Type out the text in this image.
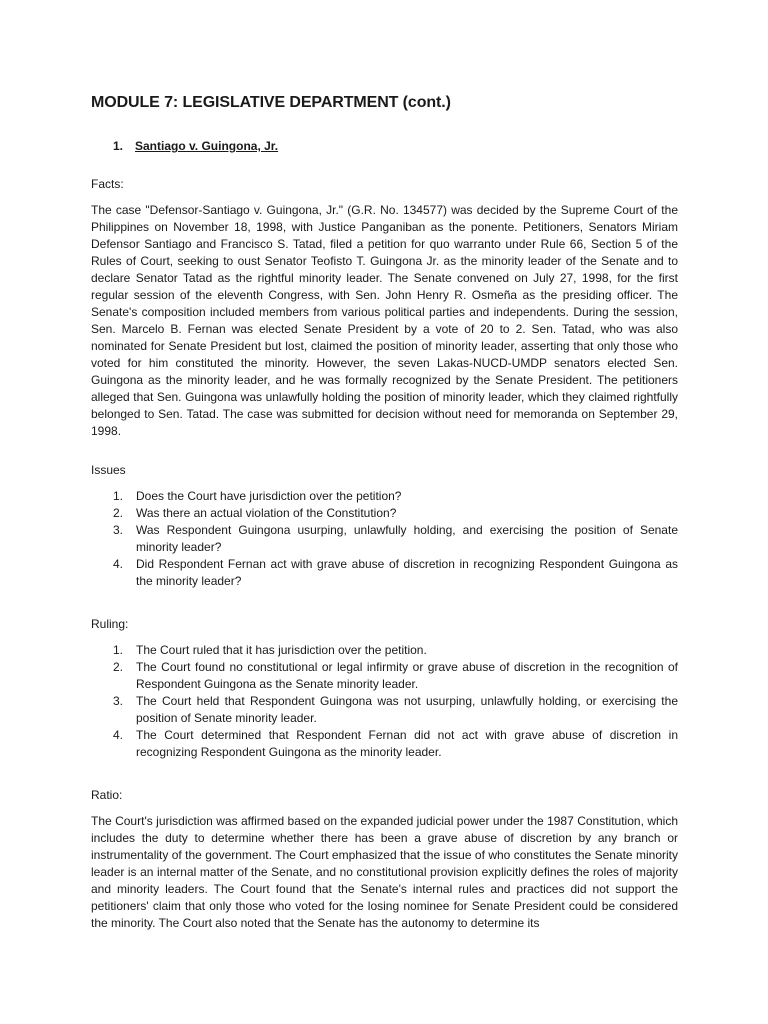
MODULE 7: LEGISLATIVE DEPARTMENT (cont.)
1. Santiago v. Guingona, Jr.
Facts:
The case "Defensor-Santiago v. Guingona, Jr." (G.R. No. 134577) was decided by the Supreme Court of the Philippines on November 18, 1998, with Justice Panganiban as the ponente. Petitioners, Senators Miriam Defensor Santiago and Francisco S. Tatad, filed a petition for quo warranto under Rule 66, Section 5 of the Rules of Court, seeking to oust Senator Teofisto T. Guingona Jr. as the minority leader of the Senate and to declare Senator Tatad as the rightful minority leader. The Senate convened on July 27, 1998, for the first regular session of the eleventh Congress, with Sen. John Henry R. Osmeña as the presiding officer. The Senate's composition included members from various political parties and independents. During the session, Sen. Marcelo B. Fernan was elected Senate President by a vote of 20 to 2. Sen. Tatad, who was also nominated for Senate President but lost, claimed the position of minority leader, asserting that only those who voted for him constituted the minority. However, the seven Lakas-NUCD-UMDP senators elected Sen. Guingona as the minority leader, and he was formally recognized by the Senate President. The petitioners alleged that Sen. Guingona was unlawfully holding the position of minority leader, which they claimed rightfully belonged to Sen. Tatad. The case was submitted for decision without need for memoranda on September 29, 1998.
Issues
1. Does the Court have jurisdiction over the petition?
2. Was there an actual violation of the Constitution?
3. Was Respondent Guingona usurping, unlawfully holding, and exercising the position of Senate minority leader?
4. Did Respondent Fernan act with grave abuse of discretion in recognizing Respondent Guingona as the minority leader?
Ruling:
1. The Court ruled that it has jurisdiction over the petition.
2. The Court found no constitutional or legal infirmity or grave abuse of discretion in the recognition of Respondent Guingona as the Senate minority leader.
3. The Court held that Respondent Guingona was not usurping, unlawfully holding, or exercising the position of Senate minority leader.
4. The Court determined that Respondent Fernan did not act with grave abuse of discretion in recognizing Respondent Guingona as the minority leader.
Ratio:
The Court's jurisdiction was affirmed based on the expanded judicial power under the 1987 Constitution, which includes the duty to determine whether there has been a grave abuse of discretion by any branch or instrumentality of the government. The Court emphasized that the issue of who constitutes the Senate minority leader is an internal matter of the Senate, and no constitutional provision explicitly defines the roles of majority and minority leaders. The Court found that the Senate's internal rules and practices did not support the petitioners' claim that only those who voted for the losing nominee for Senate President could be considered the minority. The Court also noted that the Senate has the autonomy to determine its
